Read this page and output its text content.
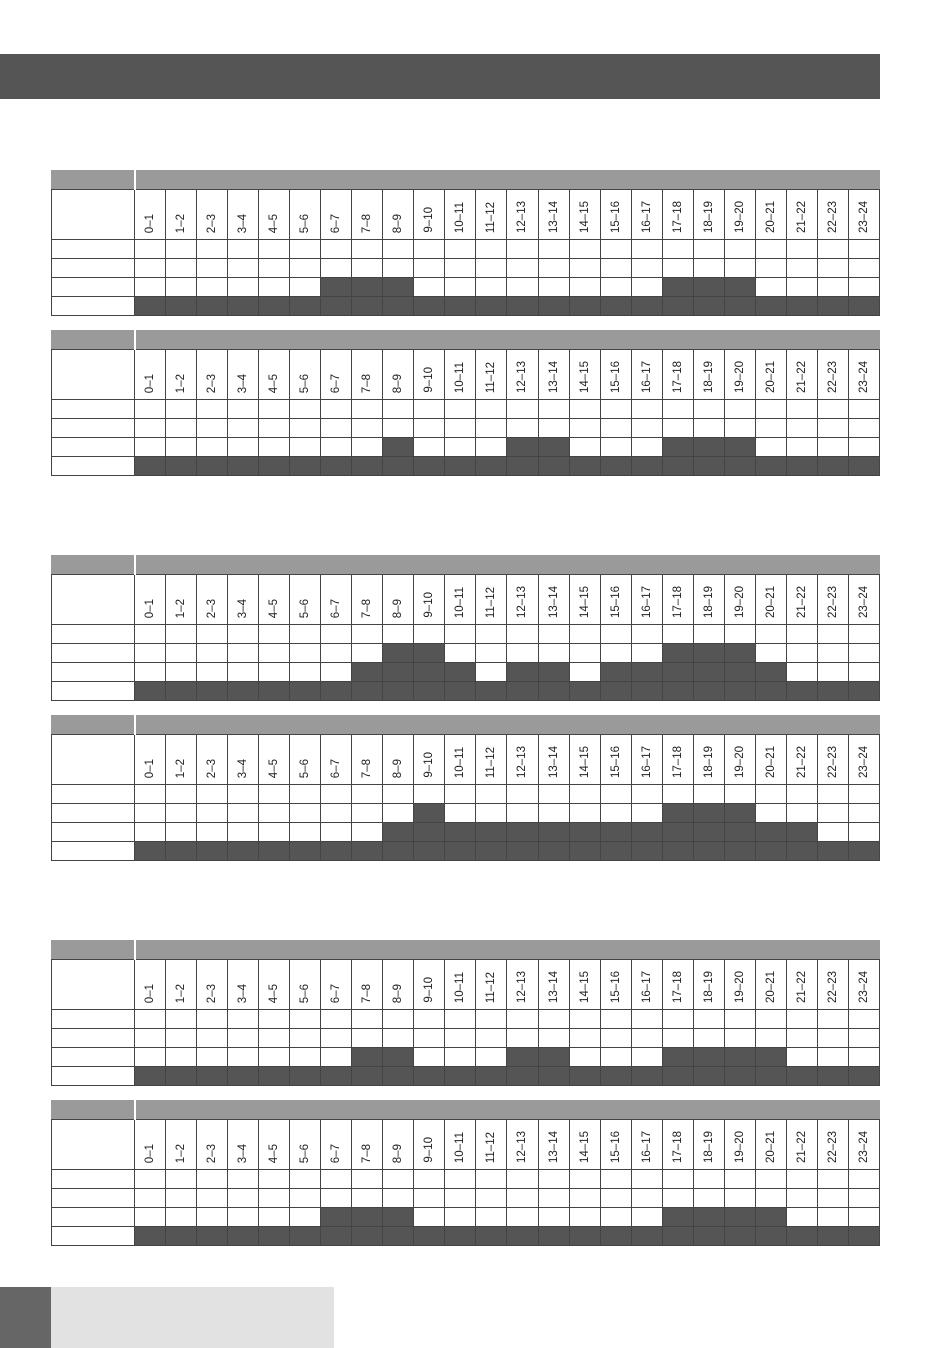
	0–1	1–2	2–3	3–4	4–5	5–6	6–7	7–8	8–9	9–10	10–11	11–12	12–13	13–14	14–15	15–16	16–17	17–18	18–19	19–20	20–21	21–22	22–23	23–24

	0–1	1–2	2–3	3–4	4–5	5–6	6–7	7–8	8–9	9–10	10–11	11–12	12–13	13–14	14–15	15–16	16–17	17–18	18–19	19–20	20–21	21–22	22–23	23–24

	0–1	1–2	2–3	3–4	4–5	5–6	6–7	7–8	8–9	9–10	10–11	11–12	12–13	13–14	14–15	15–16	16–17	17–18	18–19	19–20	20–21	21–22	22–23	23–24

	0–1	1–2	2–3	3–4	4–5	5–6	6–7	7–8	8–9	9–10	10–11	11–12	12–13	13–14	14–15	15–16	16–17	17–18	18–19	19–20	20–21	21–22	22–23	23–24

	0–1	1–2	2–3	3–4	4–5	5–6	6–7	7–8	8–9	9–10	10–11	11–12	12–13	13–14	14–15	15–16	16–17	17–18	18–19	19–20	20–21	21–22	22–23	23–24

	0–1	1–2	2–3	3–4	4–5	5–6	6–7	7–8	8–9	9–10	10–11	11–12	12–13	13–14	14–15	15–16	16–17	17–18	18–19	19–20	20–21	21–22	22–23	23–24
